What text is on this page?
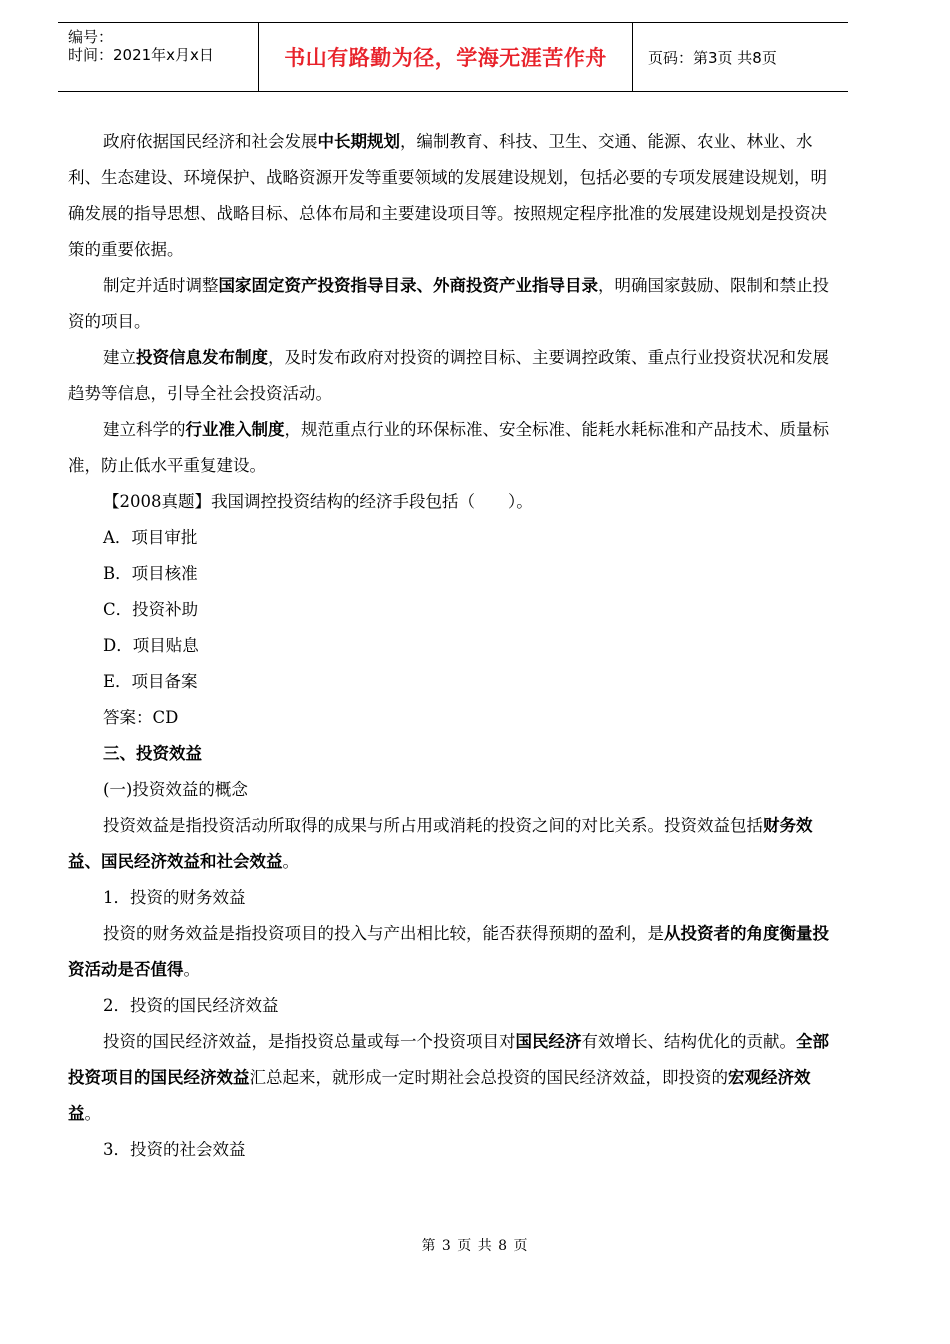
编号：
时间：2021年x月x日	书山有路勤为径，学海无涯苦作舟	页码：第3页 共8页

政府依据国民经济和社会发展中长期规划，编制教育、科技、卫生、交通、能源、农业、林业、水利、生态建设、环境保护、战略资源开发等重要领域的发展建设规划，包括必要的专项发展建设规划，明确发展的指导思想、战略目标、总体布局和主要建设项目等。按照规定程序批准的发展建设规划是投资决策的重要依据。

制定并适时调整国家固定资产投资指导目录、外商投资产业指导目录，明确国家鼓励、限制和禁止投资的项目。

建立投资信息发布制度，及时发布政府对投资的调控目标、主要调控政策、重点行业投资状况和发展趋势等信息，引导全社会投资活动。

建立科学的行业准入制度，规范重点行业的环保标准、安全标准、能耗水耗标准和产品技术、质量标准，防止低水平重复建设。

【2008真题】我国调控投资结构的经济手段包括（　　）。

A．项目审批

B．项目核准

C．投资补助

D．项目贴息

E．项目备案

答案：CD

三、投资效益

(一)投资效益的概念

投资效益是指投资活动所取得的成果与所占用或消耗的投资之间的对比关系。投资效益包括财务效益、国民经济效益和社会效益。

1．投资的财务效益

投资的财务效益是指投资项目的投入与产出相比较，能否获得预期的盈利，是从投资者的角度衡量投资活动是否值得。

2．投资的国民经济效益

投资的国民经济效益，是指投资总量或每一个投资项目对国民经济有效增长、结构优化的贡献。全部投资项目的国民经济效益汇总起来，就形成一定时期社会总投资的国民经济效益，即投资的宏观经济效益。

3．投资的社会效益

第 3 页 共 8 页
